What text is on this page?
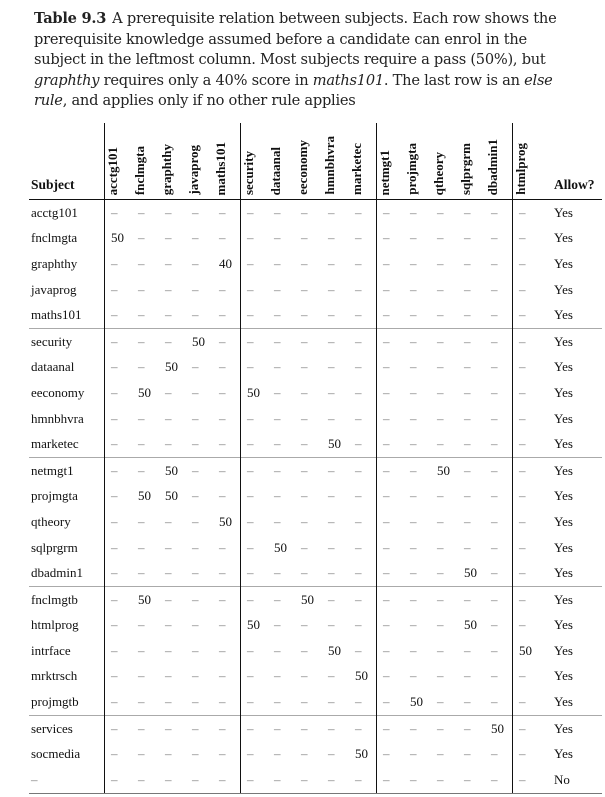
Table 9.3 A prerequisite relation between subjects. Each row shows the prerequisite knowledge assumed before a candidate can enrol in the subject in the leftmost column. Most subjects require a pass (50%), but graphthy requires only a 40% score in maths101. The last row is an else rule, and applies only if no other rule applies
Subject	acctg101	fnclmgta	graphthy	javaprog	maths101	security	dataanal	eeconomy	hmnbhvra	marketec	netmgt1	projmgta	qtheory	sqlprgrm	dbadmin1	htmlprog	Allow?
acctg101	–	–	–	–	–	–	–	–	–	–	–	–	–	–	–	–	Yes
fnclmgta	50	–	–	–	–	–	–	–	–	–	–	–	–	–	–	–	Yes
graphthy	–	–	–	–	40	–	–	–	–	–	–	–	–	–	–	–	Yes
javaprog	–	–	–	–	–	–	–	–	–	–	–	–	–	–	–	–	Yes
maths101	–	–	–	–	–	–	–	–	–	–	–	–	–	–	–	–	Yes
security	–	–	–	50	–	–	–	–	–	–	–	–	–	–	–	–	Yes
dataanal	–	–	50	–	–	–	–	–	–	–	–	–	–	–	–	–	Yes
eeconomy	–	50	–	–	–	50	–	–	–	–	–	–	–	–	–	–	Yes
hmnbhvra	–	–	–	–	–	–	–	–	–	–	–	–	–	–	–	–	Yes
marketec	–	–	–	–	–	–	–	–	50	–	–	–	–	–	–	–	Yes
netmgt1	–	–	50	–	–	–	–	–	–	–	–	–	50	–	–	–	Yes
projmgta	–	50	50	–	–	–	–	–	–	–	–	–	–	–	–	–	Yes
qtheory	–	–	–	–	50	–	–	–	–	–	–	–	–	–	–	–	Yes
sqlprgrm	–	–	–	–	–	–	50	–	–	–	–	–	–	–	–	–	Yes
dbadmin1	–	–	–	–	–	–	–	–	–	–	–	–	–	50	–	–	Yes
fnclmgtb	–	50	–	–	–	–	–	50	–	–	–	–	–	–	–	–	Yes
htmlprog	–	–	–	–	–	50	–	–	–	–	–	–	–	50	–	–	Yes
intrface	–	–	–	–	–	–	–	–	50	–	–	–	–	–	–	50	Yes
mrktrsch	–	–	–	–	–	–	–	–	–	50	–	–	–	–	–	–	Yes
projmgtb	–	–	–	–	–	–	–	–	–	–	–	50	–	–	–	–	Yes
services	–	–	–	–	–	–	–	–	–	–	–	–	–	–	50	–	Yes
socmedia	–	–	–	–	–	–	–	–	–	50	–	–	–	–	–	–	Yes
–	–	–	–	–	–	–	–	–	–	–	–	–	–	–	–	–	No
